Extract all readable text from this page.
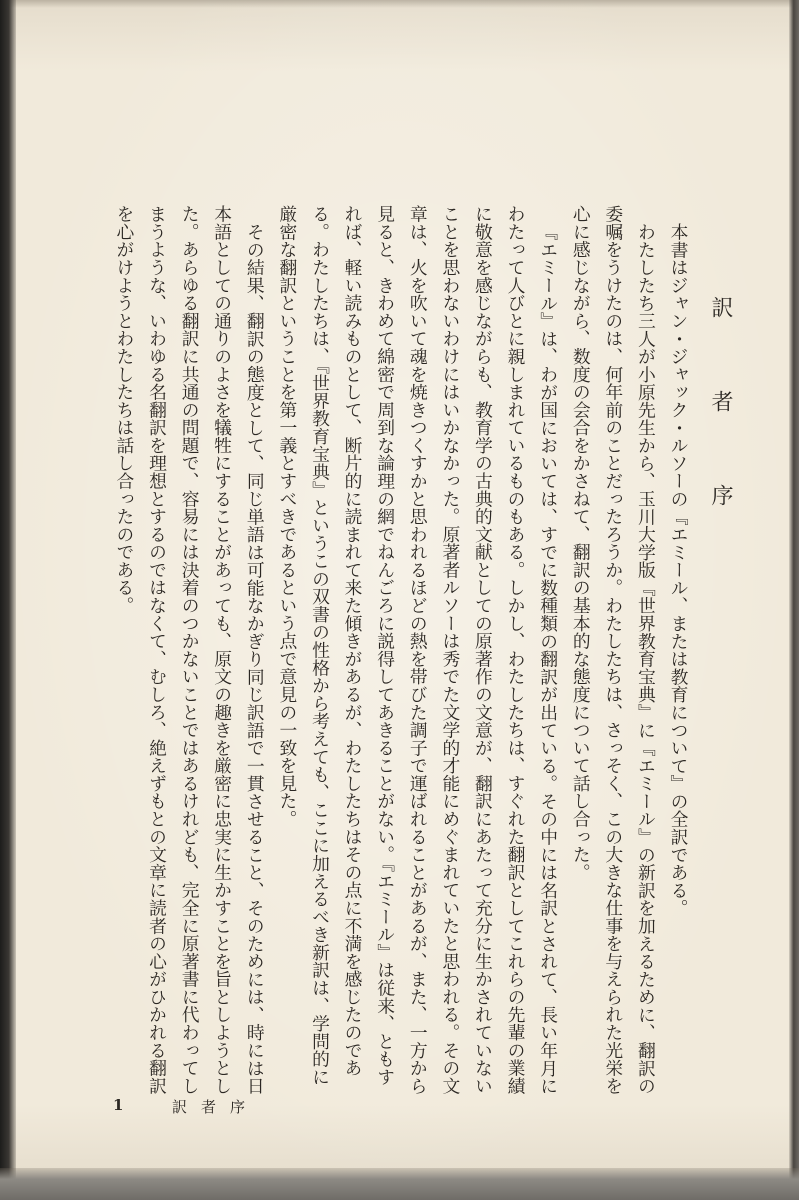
訳者序
本書はジャン・ジャック・ルソーの『エミール、または教育について』の全訳である。
わたしたち三人が小原先生から、玉川大学版『世界教育宝典』に『エミール』の新訳を加えるために、翻訳の
委嘱をうけたのは、何年前のことだったろうか。わたしたちは、さっそく、この大きな仕事を与えられた光栄を
心に感じながら、数度の会合をかさねて、翻訳の基本的な態度について話し合った。
『エミール』は、わが国においては、すでに数種類の翻訳が出ている。その中には名訳とされて、長い年月に
わたって人びとに親しまれているものもある。しかし、わたしたちは、すぐれた翻訳としてこれらの先輩の業績
に敬意を感じながらも、教育学の古典的文献としての原著作の文意が、翻訳にあたって充分に生かされていない
ことを思わないわけにはいかなかった。原著者ルソーは秀でた文学的才能にめぐまれていたと思われる。その文
章は、火を吹いて魂を焼きつくすかと思われるほどの熱を帯びた調子で運ばれることがあるが、また、一方から
見ると、きわめて綿密で周到な論理の網でねんごろに説得してあきることがない。『エミール』は従来、ともす
れば、軽い読みものとして、断片的に読まれて来た傾きがあるが、わたしたちはその点に不満を感じたのであ
る。わたしたちは、『世界教育宝典』というこの双書の性格から考えても、ここに加えるべき新訳は、学問的に
厳密な翻訳ということを第一義とすべきであるという点で意見の一致を見た。
その結果、翻訳の態度として、同じ単語は可能なかぎり同じ訳語で一貫させること、そのためには、時には日
本語としての通りのよさを犠牲にすることがあっても、原文の趣きを厳密に忠実に生かすことを旨としようとし
た。あらゆる翻訳に共通の問題で、容易には決着のつかないことではあるけれども、完全に原著書に代わってし
まうような、いわゆる名翻訳を理想とするのではなくて、むしろ、絶えずもとの文章に読者の心がひかれる翻訳
を心がけようとわたしたちは話し合ったのである。
1	訳者序
